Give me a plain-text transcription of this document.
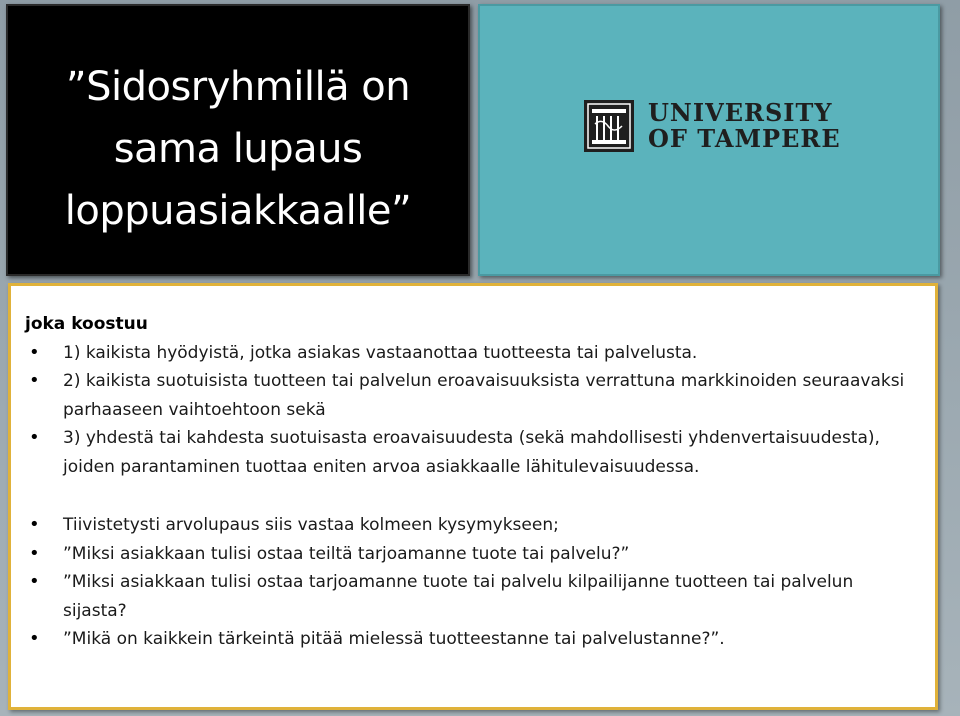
”Sidosryhmillä on
sama lupaus
loppuasiakkaalle”
UNIVERSITY
OF TAMPERE

joka koostuu

• 1) kaikista hyödyistä, jotka asiakas vastaanottaa tuotteesta tai palvelusta.
• 2) kaikista suotuisista tuotteen tai palvelun eroavaisuuksista verrattuna markkinoiden seuraavaksi parhaaseen vaihtoehtoon sekä
• 3) yhdestä tai kahdesta suotuisasta eroavaisuudesta (sekä mahdollisesti yhdenvertaisuudesta), joiden parantaminen tuottaa eniten arvoa asiakkaalle lähitulevaisuudessa.
• Tiivistetysti arvolupaus siis vastaa kolmeen kysymykseen;
• ”Miksi asiakkaan tulisi ostaa teiltä tarjoamanne tuote tai palvelu?”
• ”Miksi asiakkaan tulisi ostaa tarjoamanne tuote tai palvelu kilpailijanne tuotteen tai palvelun sijasta?
• ”Mikä on kaikkein tärkeintä pitää mielessä tuotteestanne tai palvelustanne?”.
